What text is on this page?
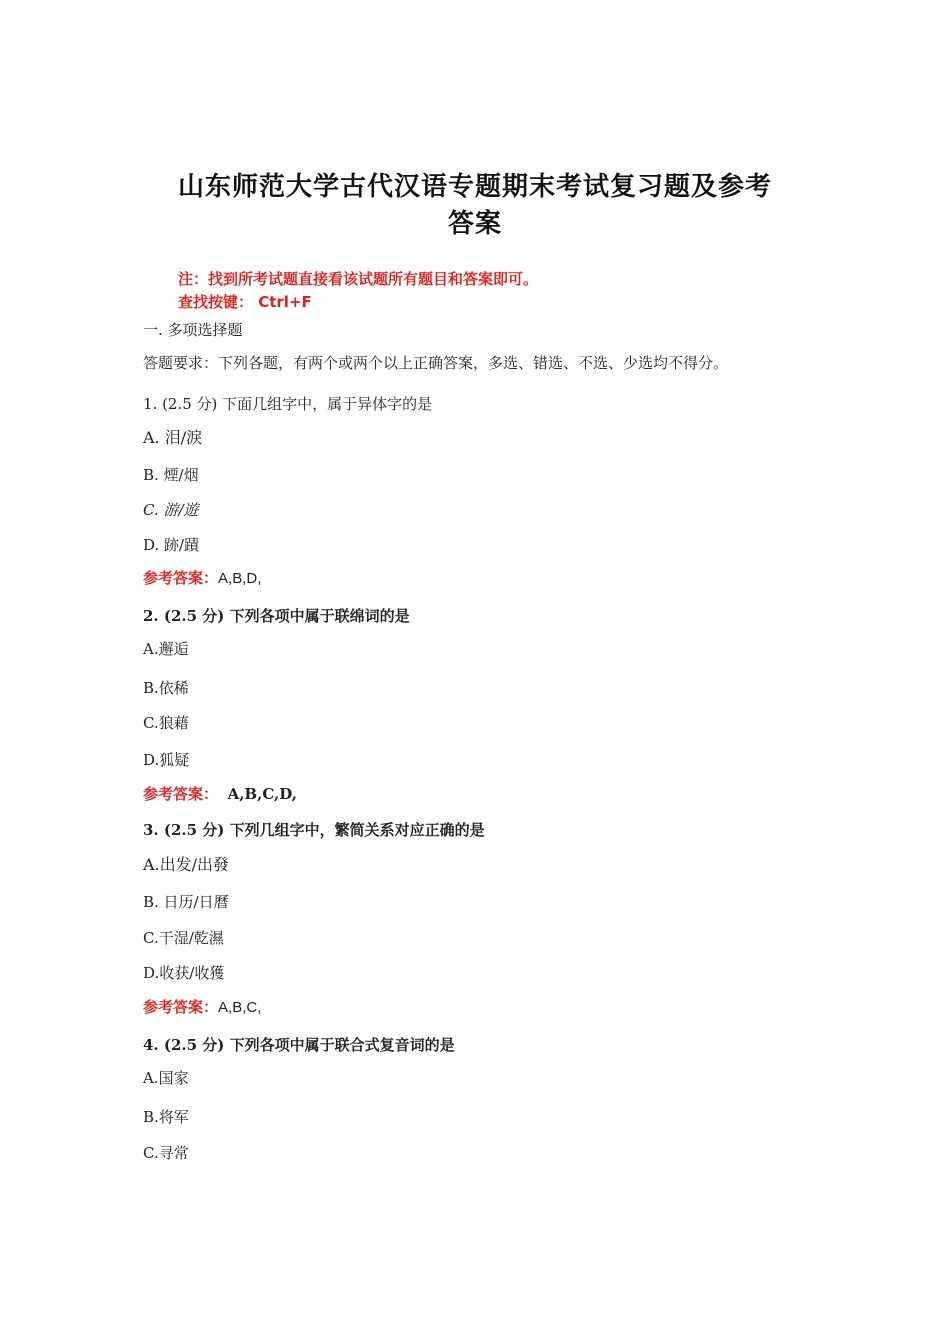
山东师范大学古代汉语专题期末考试复习题及参考
答案
注：找到所考试题直接看该试题所有题目和答案即可。
查找按键： Ctrl+F
一. 多项选择题
答题要求：下列各题，有两个或两个以上正确答案，多选、错选、不选、少选均不得分。
1. (2.5 分) 下面几组字中，属于异体字的是
A. 泪/淚
B. 煙/烟
C. 游/遊
D. 跡/蹟
参考答案：A,B,D,
2. (2.5 分) 下列各项中属于联绵词的是
A.邂逅
B.依稀
C.狼藉
D.狐疑
参考答案： A,B,C,D,
3. (2.5 分) 下列几组字中，繁简关系对应正确的是
A.出发/出發
B. 日历/日曆
C.干湿/乾濕
D.收获/收獲
参考答案：A,B,C,
4. (2.5 分) 下列各项中属于联合式复音词的是
A.国家
B.将军
C.寻常
